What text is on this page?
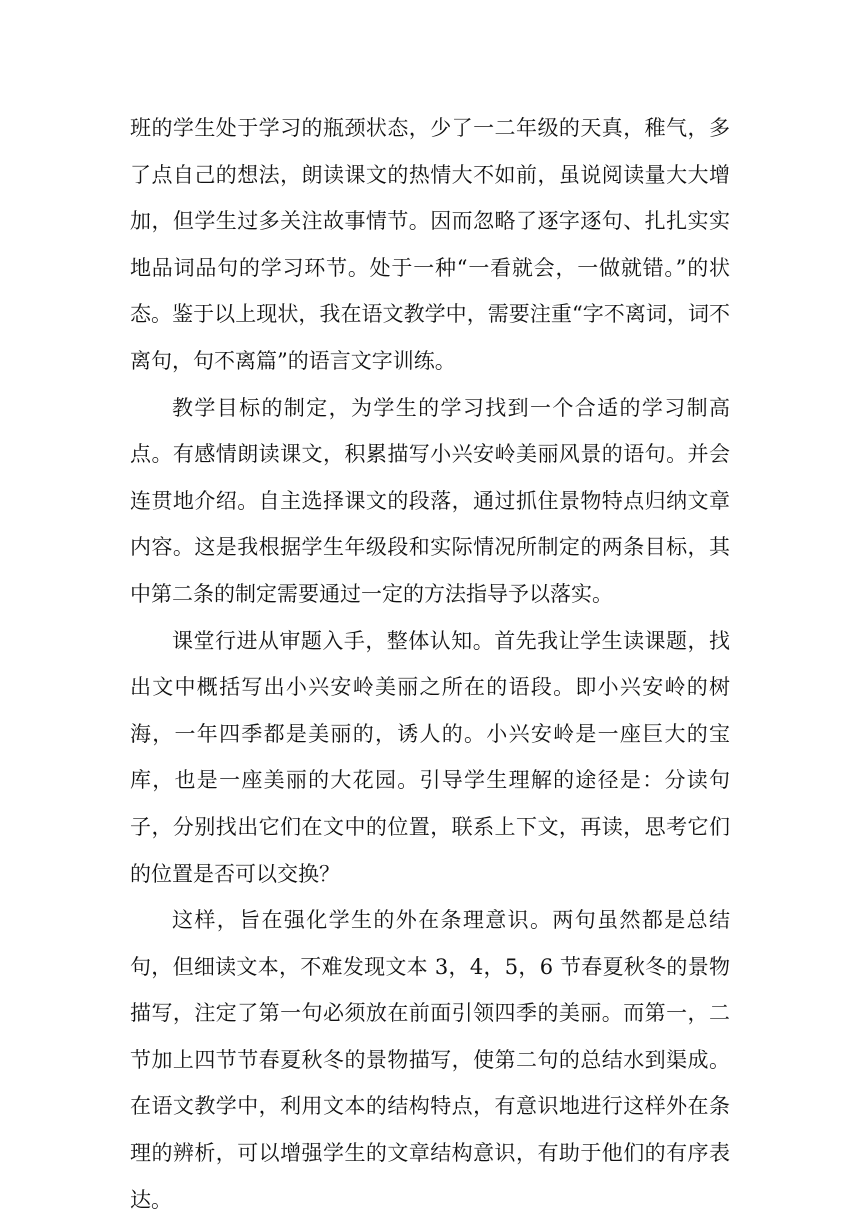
班的学生处于学习的瓶颈状态，少了一二年级的天真，稚气，多了点自己的想法，朗读课文的热情大不如前，虽说阅读量大大增加，但学生过多关注故事情节。因而忽略了逐字逐句、扎扎实实地品词品句的学习环节。处于一种“一看就会，一做就错。”的状态。鉴于以上现状，我在语文教学中，需要注重“字不离词，词不离句，句不离篇”的语言文字训练。

教学目标的制定，为学生的学习找到一个合适的学习制高点。有感情朗读课文，积累描写小兴安岭美丽风景的语句。并会连贯地介绍。自主选择课文的段落，通过抓住景物特点归纳文章内容。这是我根据学生年级段和实际情况所制定的两条目标，其中第二条的制定需要通过一定的方法指导予以落实。

课堂行进从审题入手，整体认知。首先我让学生读课题，找出文中概括写出小兴安岭美丽之所在的语段。即小兴安岭的树海，一年四季都是美丽的，诱人的。小兴安岭是一座巨大的宝库，也是一座美丽的大花园。引导学生理解的途径是：分读句子，分别找出它们在文中的位置，联系上下文，再读，思考它们的位置是否可以交换？

这样，旨在强化学生的外在条理意识。两句虽然都是总结句，但细读文本，不难发现文本 3，4，5，6 节春夏秋冬的景物描写，注定了第一句必须放在前面引领四季的美丽。而第一，二节加上四节节春夏秋冬的景物描写，使第二句的总结水到渠成。在语文教学中，利用文本的结构特点，有意识地进行这样外在条理的辨析，可以增强学生的文章结构意识，有助于他们的有序表达。
